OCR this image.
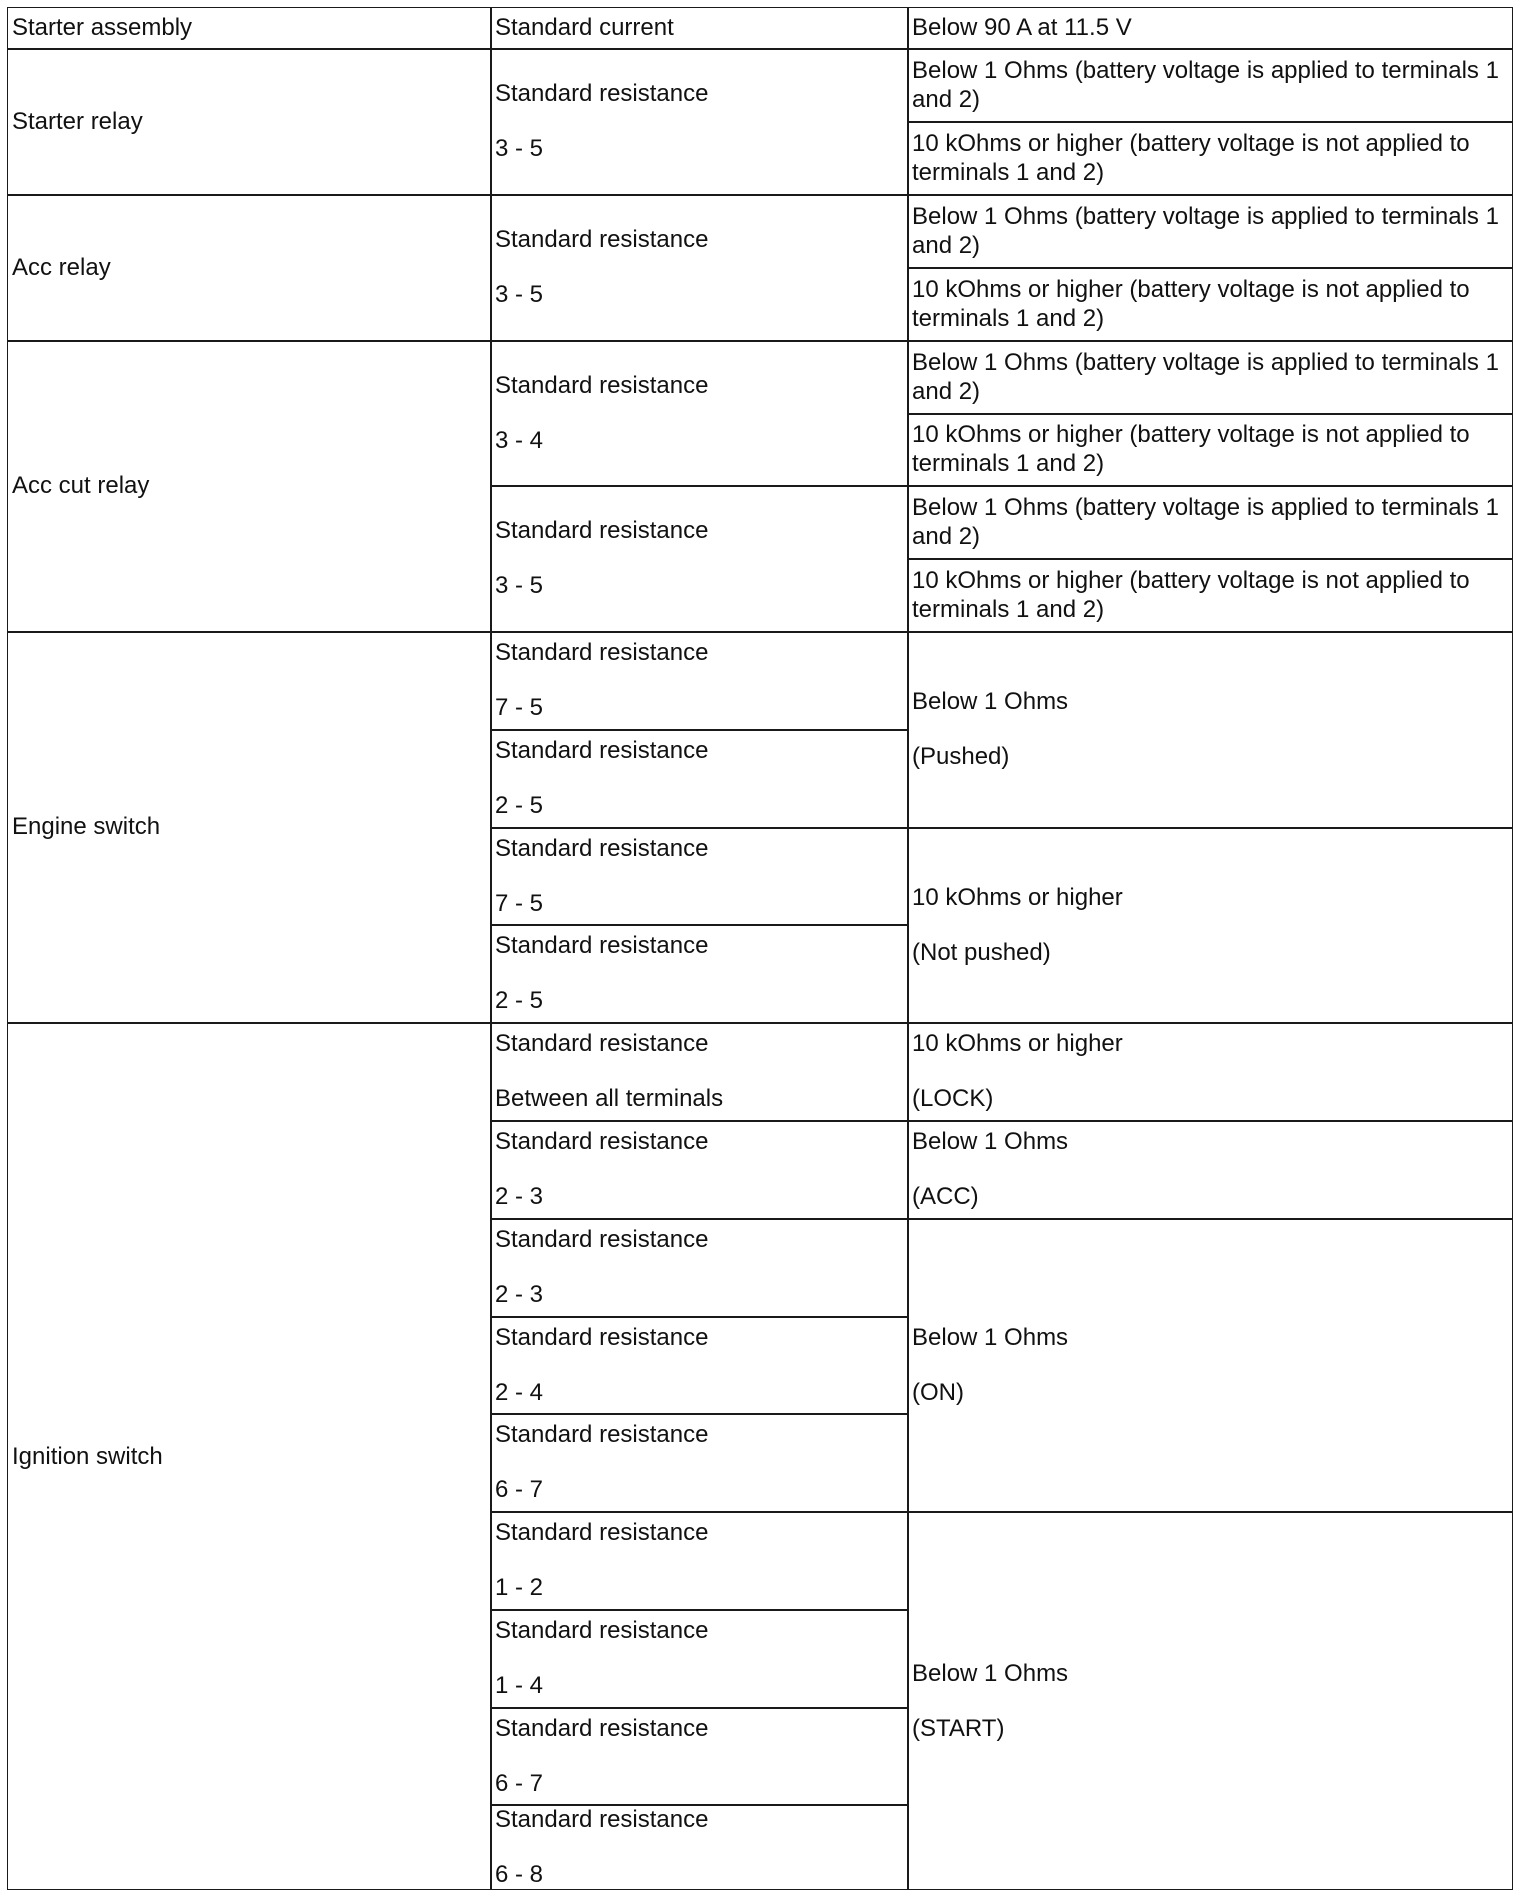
Starter assembly	Standard current	Below 90 A at 11.5 V
Starter relay
Standard resistance
3 - 5
Below 1 Ohms (battery voltage is applied to terminals 1 and 2)
10 kOhms or higher (battery voltage is not applied to terminals 1 and 2)
Acc relay
Standard resistance
3 - 5
Below 1 Ohms (battery voltage is applied to terminals 1 and 2)
10 kOhms or higher (battery voltage is not applied to terminals 1 and 2)
Acc cut relay
Standard resistance
3 - 4
Below 1 Ohms (battery voltage is applied to terminals 1 and 2)
10 kOhms or higher (battery voltage is not applied to terminals 1 and 2)
Standard resistance
3 - 5
Below 1 Ohms (battery voltage is applied to terminals 1 and 2)
10 kOhms or higher (battery voltage is not applied to terminals 1 and 2)
Engine switch
Standard resistance
7 - 5
Standard resistance
2 - 5
Standard resistance
7 - 5
Standard resistance
2 - 5
Below 1 Ohms
(Pushed)
10 kOhms or higher
(Not pushed)
Ignition switch
Standard resistance
Between all terminals
Standard resistance
2 - 3
Standard resistance
2 - 3
Standard resistance
2 - 4
Standard resistance
6 - 7
Standard resistance
1 - 2
Standard resistance
1 - 4
Standard resistance
6 - 7
Standard resistance
6 - 8
10 kOhms or higher
(LOCK)
Below 1 Ohms
(ACC)
Below 1 Ohms
(ON)
Below 1 Ohms
(START)
